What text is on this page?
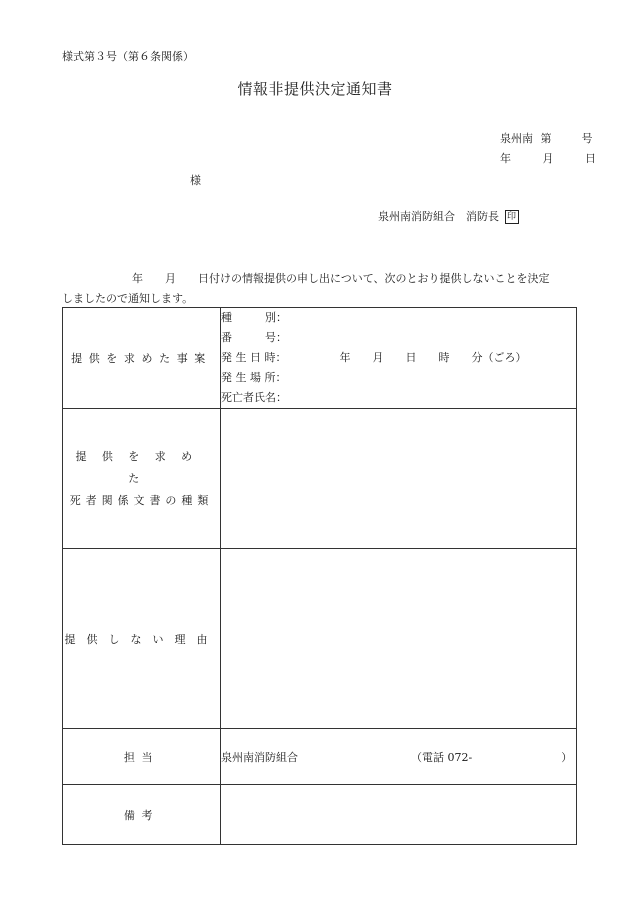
様式第３号（第６条関係）
情報非提供決定通知書
泉州南 第	号
年	月	日
様
泉州南消防組合　消防長 印
年　　月　　日付けの情報提供の申し出について、次のとおり提供しないことを決定
しましたので通知します。
提供を求めた事案	種　　　別：
番　　　号：
発 生 日 時： 年　　月　　日　　時　　分（ごろ）
発 生 場 所：
死亡者氏名：

提供を求めた
死者関係文書の種類	

提供しない理由	
担当	泉州南消防組合 （電話 072- ）
備考	
